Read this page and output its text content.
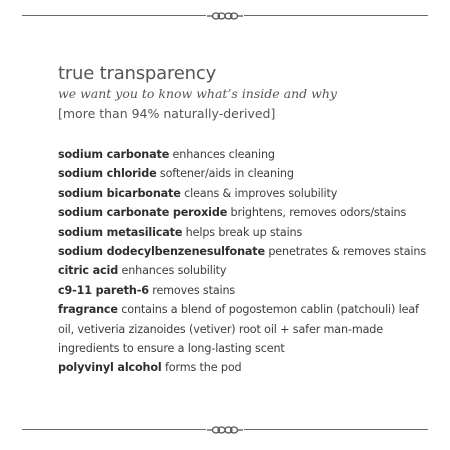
true transparency
we want you to know what’s inside and why
[more than 94% naturally-derived]
sodium carbonate enhances cleaning
sodium chloride softener/aids in cleaning
sodium bicarbonate cleans & improves solubility
sodium carbonate peroxide brightens, removes odors/stains
sodium metasilicate helps break up stains
sodium dodecylbenzenesulfonate penetrates & removes stains
citric acid enhances solubility
c9-11 pareth-6 removes stains
fragrance contains a blend of pogostemon cablin (patchouli) leaf oil, vetiveria zizanoides (vetiver) root oil + safer man-made ingredients to ensure a long-lasting scent
polyvinyl alcohol forms the pod
